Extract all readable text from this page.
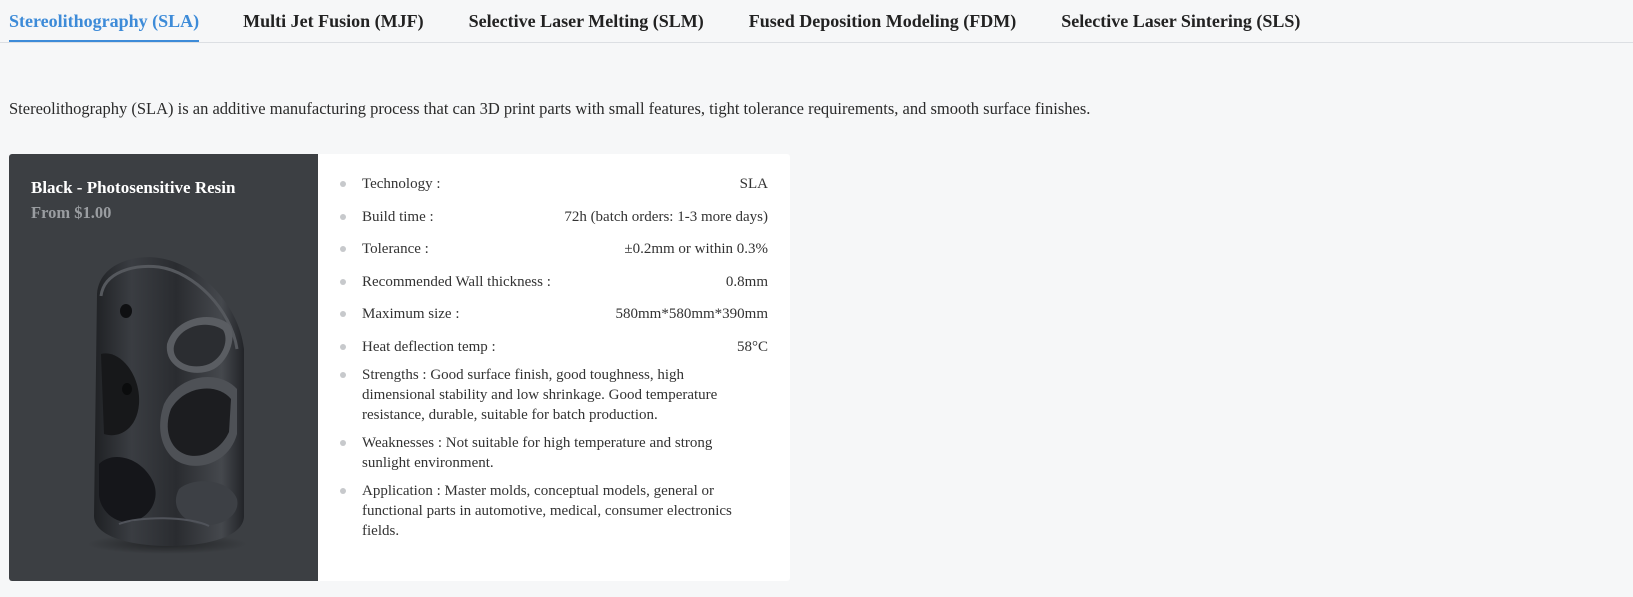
Stereolithography (SLA) Multi Jet Fusion (MJF)	Selective Laser Melting (SLM)	Fused Deposition Modeling (FDM)	Selective Laser Sintering (SLS)
Stereolithography (SLA) is an additive manufacturing process that can 3D print parts with small features, tight tolerance requirements, and smooth surface finishes.
Black - Photosensitive Resin
From $1.00
Technology :	SLA
Build time :	72h (batch orders: 1-3 more days)
Tolerance :	±0.2mm or within 0.3%
Recommended Wall thickness :	0.8mm
Maximum size :	580mm*580mm*390mm
Heat deflection temp :	58°C
Strengths : Good surface finish, good toughness, high dimensional stability and low shrinkage. Good temperature resistance, durable, suitable for batch production.
Weaknesses : Not suitable for high temperature and strong sunlight environment.
Application : Master molds, conceptual models, general or functional parts in automotive, medical, consumer electronics fields.
